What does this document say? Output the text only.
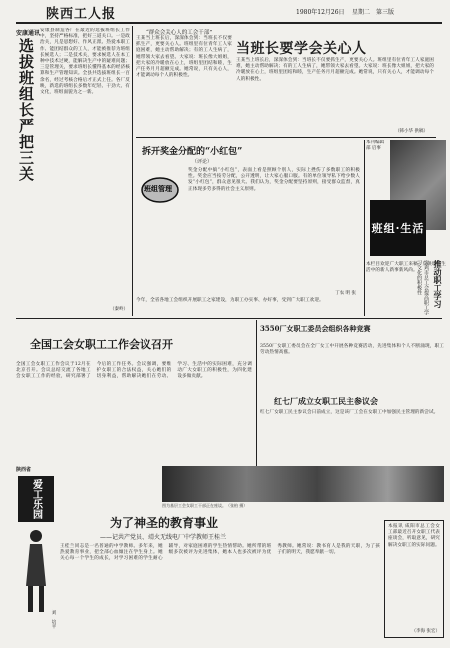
陕西工人报	1980年12月26日 星期二 第三版
安康通讯
选拔班组长严把三关
安康县制造各厂在最近的选拔班组长工作中，坚持严格标准，把好三道关口。一是政治关，凡是思想好、作风正派、热爱本职工作、能团结群众的工人，才能被推荐为班组长候选人；二是技术关，要求候选人在本工种中技术过硬，能解决生产中的疑难问题；三是管理关，要求班组长懂得基本的经济核算和生产管理知识。全县共选拔班组长一百余名，经过考核合格后才正式上任。各厂反映，新选的班组长多数年纪轻、干劲大、有文化，班组面貌为之一新。
（秦岭）
“群众会关心人的工会干部”
王某当上班长后，深深体会到：当班长不仅要抓生产，更要关心人。班组里有位青年工人家庭困难，她主动帮助解决；有的工人生病了，她带领大家去看望。大家说：班长像大姐姐，把大家的冷暖放在心上，班组里团结和睦，生产任务月月超额完成。她常说，只有关心人，才能调动每个人的积极性。
当班长要学会关心人
王某当上班长后，深深体会到：当班长不仅要抓生产，更要关心人。班组里有位青年工人家庭困难，她主动帮助解决；有的工人生病了，她带领大家去看望。大家说：班长像大姐姐，把大家的冷暖放在心上，班组里团结和睦，生产任务月月超额完成。她常说，只有关心人，才能调动每个人的积极性。
（韩小华 供稿）
拆开奖金分配的“小红包”
（评论）
班组管理
奖金分配中搞“小红包”，表面上看是照顾个别人，实际上挫伤了多数职工的积极性。奖金应当按劳分配，公开透明，让大家心服口服。有的单位领导私下给少数人发“小红包”，群众意见很大。我们认为，奖金分配要坚持原则，接受群众监督，真正体现多劳多得的社会主义原则。
丁农 明 张
今年，全省各地工会组织开展职工之家建设，为职工办实事、办好事，受到广大职工欢迎。
本刊编辑部 启事
班组·生活
本栏目欢迎广大职工来稿，反映班组生活中的新人新事新风尚。	推动职工学习
宝鸡市总工会提高职工学习文化的积极性
全国工会女职工工作会议召开
全国工会女职工工作会议于12月在北京召开。会议总结交流了各地工会女职工工作的经验，研究部署了今后的工作任务。会议强调，要维护女职工的合法权益，关心她们的切身利益，帮助解决她们在劳动、学习、生活中的实际困难，充分调动广大女职工的积极性，为四化建设多做贡献。
3550厂女职工委员会组织各种竞赛
3550厂女职工委员会在全厂女工中开展各种竞赛活动，先进集体和个人不断涌现，职工劳动热情高涨。
红七厂成立女职工民主参议会
红七厂女职工民主参议会日前成立，这是该厂工会在女职工中加强民主管理的新尝试。
图为基层工会女职工干部正在座谈。（张柏 摄）
陕西省
爱工乐园
刘 培平
为了神圣的教育事业
——记共产党员、靖火无线电厂中学教师王桂兰
王桂兰同志是一名普通的中学教师。多年来，她热爱教育事业，把全部心血倾注在学生身上。她关心每一个学生的成长，对学习困难的学生耐心辅导，对家庭困难的学生热情帮助。她所带的班级多次被评为先进集体，她本人也多次被评为优秀教师。她常说：教书育人是我的天职，为了孩子们的明天，我愿奉献一切。
本报讯 咸阳市总工会女工部最近召开女职工代表座谈会，听取意见，研究解决女职工的实际问题。
（李海 张宏）
